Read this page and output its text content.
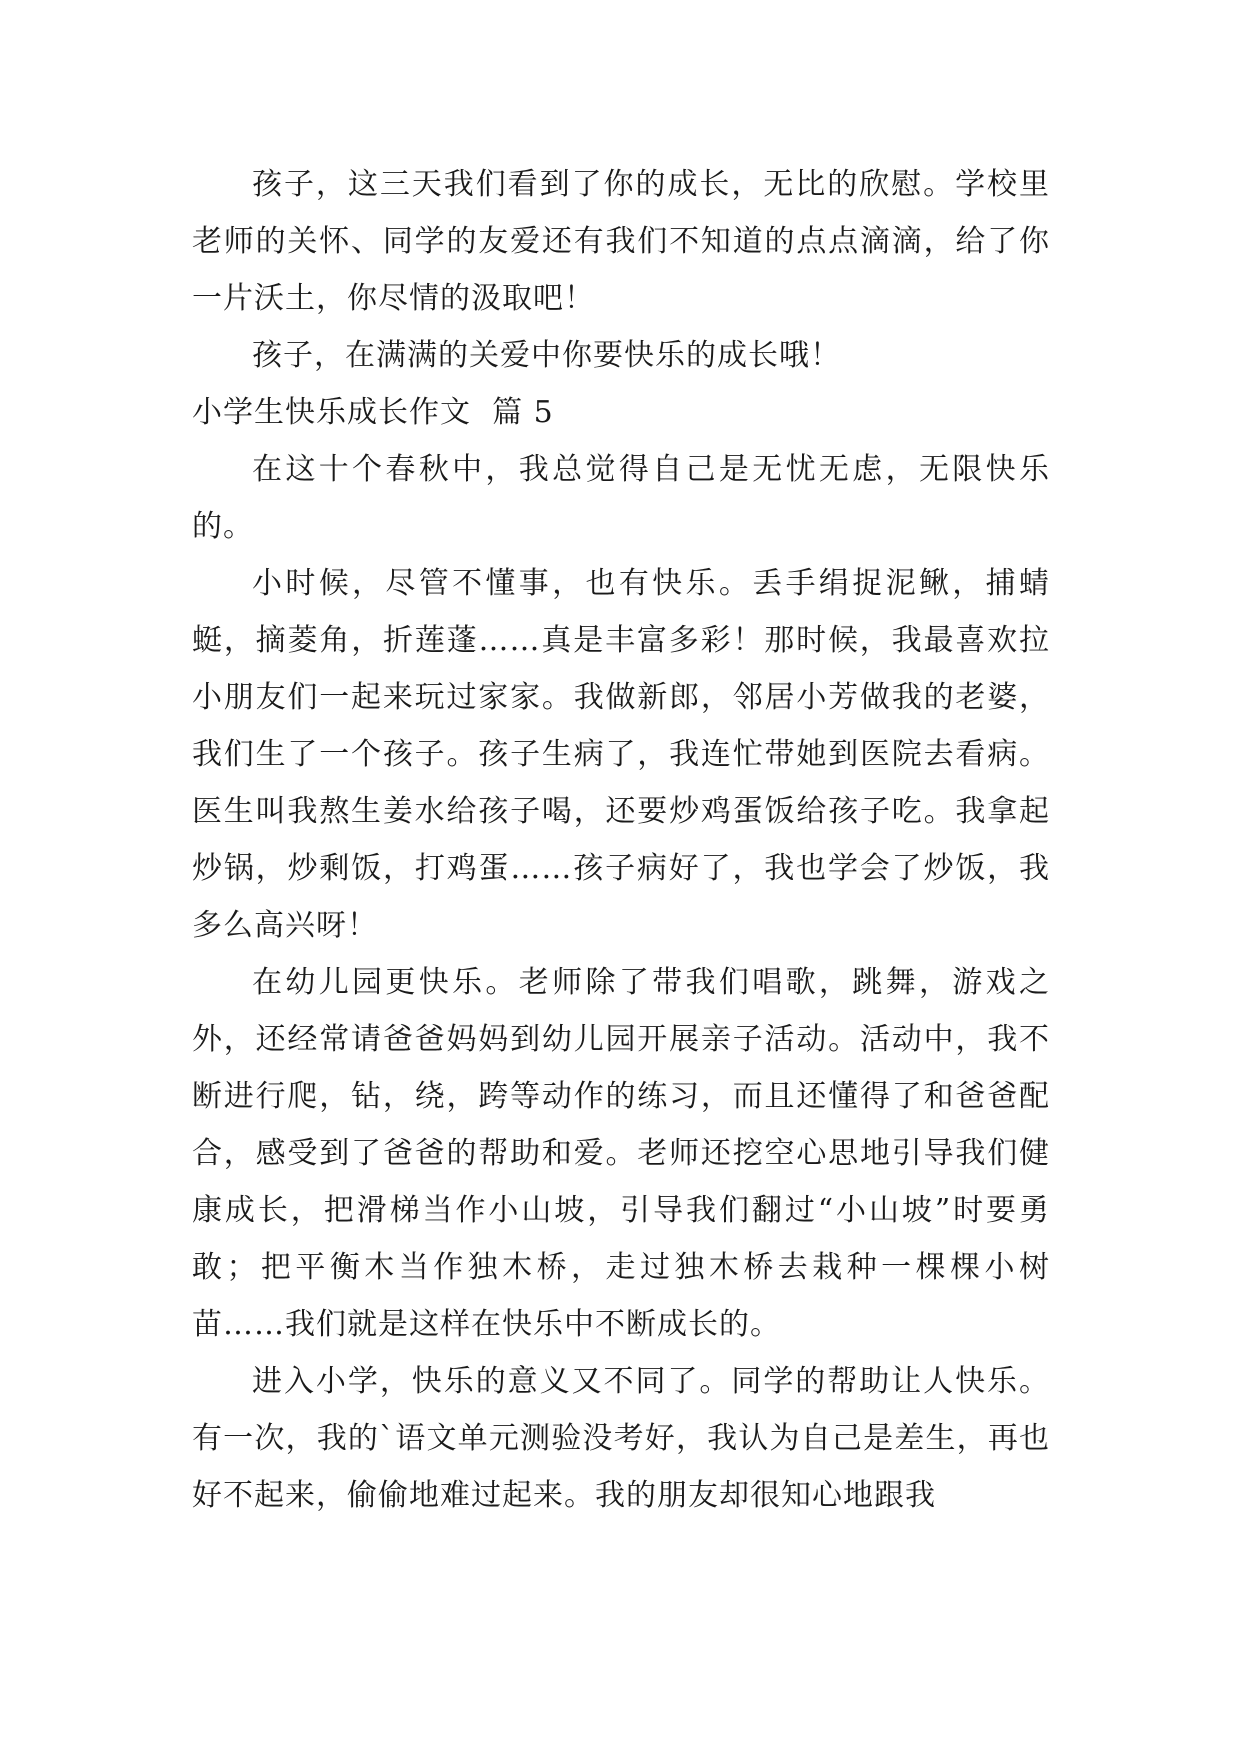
孩子，这三天我们看到了你的成长，无比的欣慰。学校里老师的关怀、同学的友爱还有我们不知道的点点滴滴，给了你一片沃土，你尽情的汲取吧！

孩子，在满满的关爱中你要快乐的成长哦！

小学生快乐成长作文  篇 5

在这十个春秋中，我总觉得自己是无忧无虑，无限快乐的。

小时候，尽管不懂事，也有快乐。丢手绢捉泥鳅，捕蜻蜓，摘菱角，折莲蓬……真是丰富多彩！那时候，我最喜欢拉小朋友们一起来玩过家家。我做新郎，邻居小芳做我的老婆，我们生了一个孩子。孩子生病了，我连忙带她到医院去看病。医生叫我熬生姜水给孩子喝，还要炒鸡蛋饭给孩子吃。我拿起炒锅，炒剩饭，打鸡蛋……孩子病好了，我也学会了炒饭，我多么高兴呀！

在幼儿园更快乐。老师除了带我们唱歌，跳舞，游戏之外，还经常请爸爸妈妈到幼儿园开展亲子活动。活动中，我不断进行爬，钻，绕，跨等动作的练习，而且还懂得了和爸爸配合，感受到了爸爸的帮助和爱。老师还挖空心思地引导我们健康成长，把滑梯当作小山坡，引导我们翻过“小山坡”时要勇敢；把平衡木当作独木桥，走过独木桥去栽种一棵棵小树苗……我们就是这样在快乐中不断成长的。

进入小学，快乐的意义又不同了。同学的帮助让人快乐。有一次，我的`语文单元测验没考好，我认为自己是差生，再也好不起来，偷偷地难过起来。我的朋友却很知心地跟我
